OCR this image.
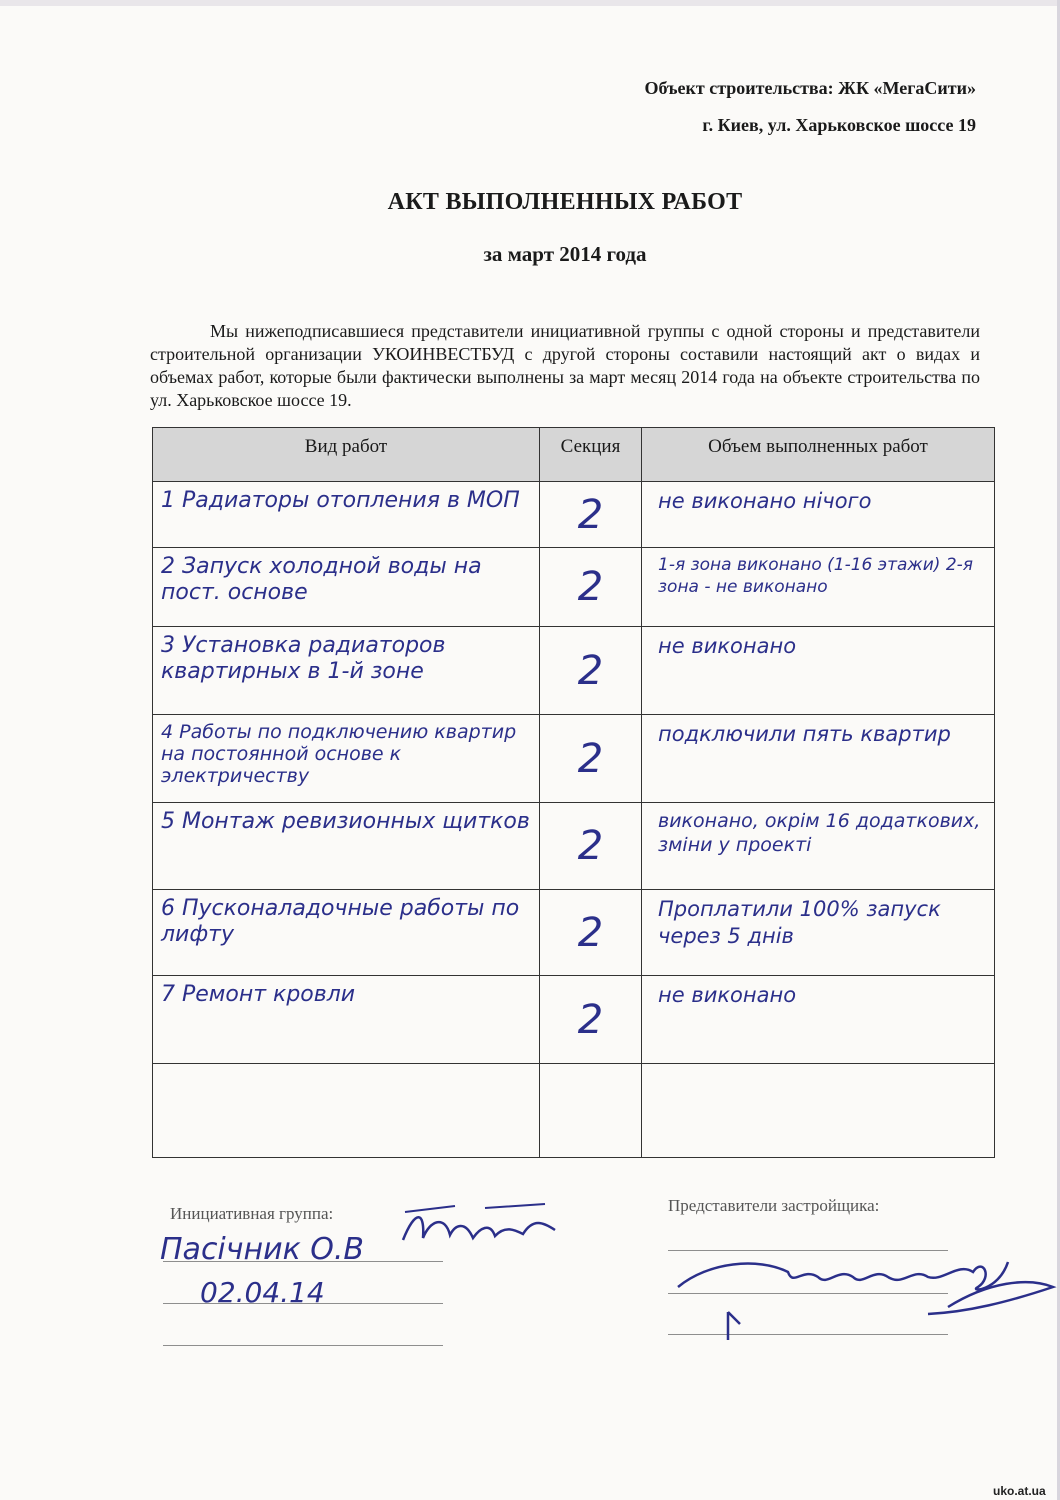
Объект строительства: ЖК «МегаСити»
г. Киев, ул. Харьковское шоссе 19
АКТ ВЫПОЛНЕННЫХ РАБОТ
за март 2014 года

Мы нижеподписавшиеся представители инициативной группы с одной стороны и представители строительной организации УКОИНВЕСТБУД с другой стороны составили настоящий акт о видах и объемах работ, которые были фактически выполнены за март месяц 2014 года на объекте строительства по ул. Харьковское шоссе 19.

Вид работ	Секция	Объем выполненных работ
1 Радиаторы отопления в МОП	2	не виконано нічого
2 Запуск холодной воды на пост. основе	2	1-я зона виконано (1-16 этажи) 2-я зона - не виконано
3 Установка радиаторов квартирных в 1-й зоне	2	не виконано
4 Работы по подключению квартир на постоянной основе к электричеству	2	подключили пять квартир
5 Монтаж ревизионных щитков	2	виконано, окрім 16 додаткових, зміни у проекті
6 Пусконаладочные работы по лифту	2	Проплатили 100% запуск через 5 днів
7 Ремонт кровли	2	не виконано

Инициативная группа:	Представители застройщика:
Пасічник О.В
02.04.14
uko.at.ua
